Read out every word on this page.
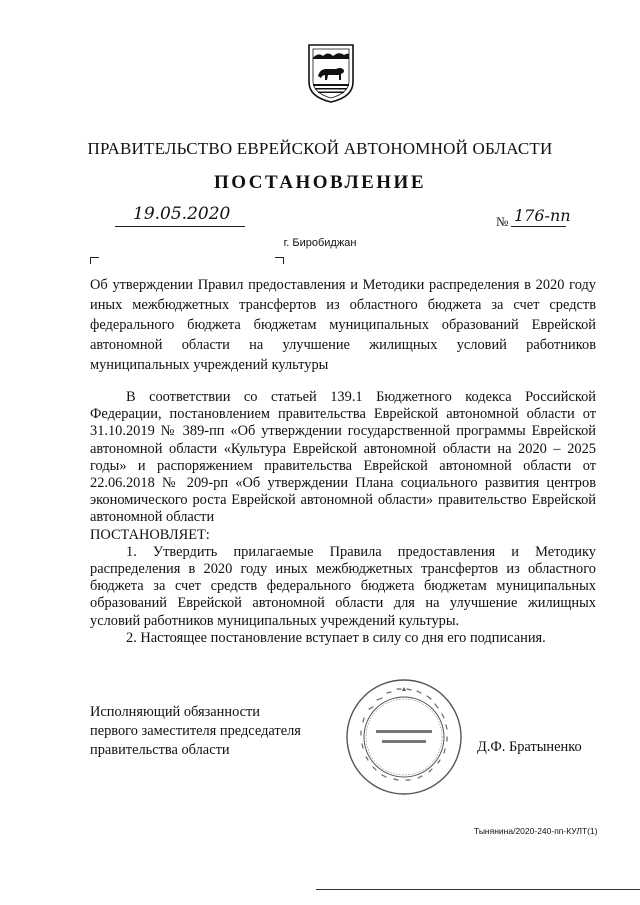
ПРАВИТЕЛЬСТВО ЕВРЕЙСКОЙ АВТОНОМНОЙ ОБЛАСТИ
ПОСТАНОВЛЕНИЕ
19.05.2020	№ 176-пп
г. Биробиджан
Об утверждении Правил предоставления и Методики распределения в 2020 году иных межбюджетных трансфертов из областного бюджета за счет средств федерального бюджета бюджетам муниципальных образований Еврейской автономной области на улучшение жилищных условий работников муниципальных учреждений культуры

В соответствии со статьей 139.1 Бюджетного кодекса Российской Федерации, постановлением правительства Еврейской автономной области от 31.10.2019 № 389-пп «Об утверждении государственной программы Еврейской автономной области «Культура Еврейской автономной области на 2020 – 2025 годы» и распоряжением правительства Еврейской автономной области от 22.06.2018 № 209-рп «Об утверждении Плана социального развития центров экономического роста Еврейской автономной области» правительство Еврейской автономной области

ПОСТАНОВЛЯЕТ:

1. Утвердить прилагаемые Правила предоставления и Методику распределения в 2020 году иных межбюджетных трансфертов из областного бюджета за счет средств федерального бюджета бюджетам муниципальных образований Еврейской автономной области для на улучшение жилищных условий работников муниципальных учреждений культуры.

2. Настоящее постановление вступает в силу со дня его подписания.

Исполняющий обязанности
первого заместителя председателя
правительства области	Д.Ф. Братыненко
Тынянина/2020-240-пп-КУЛТ(1)
